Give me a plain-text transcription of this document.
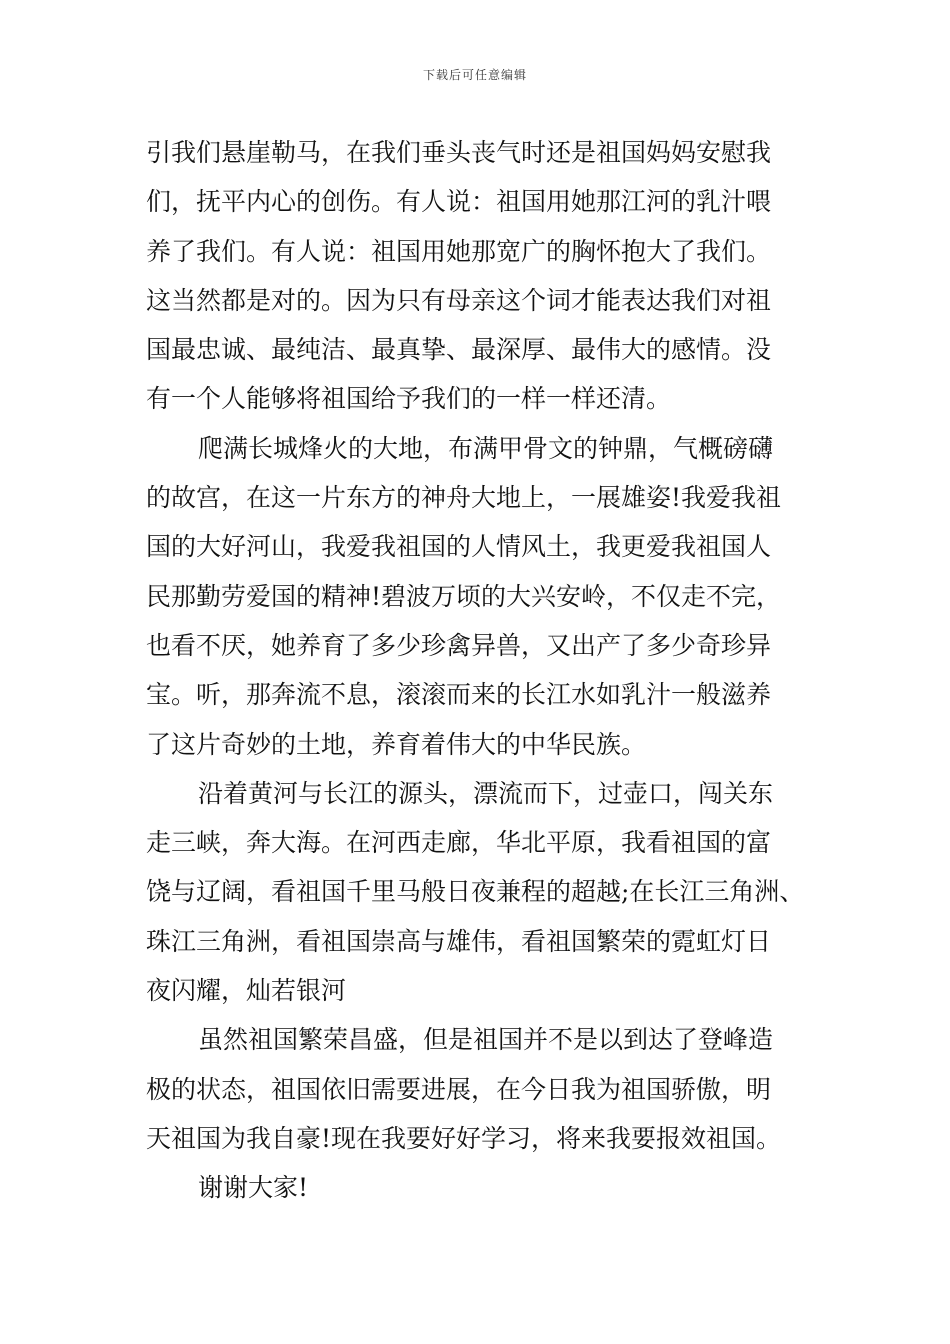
下载后可任意编辑
引我们悬崖勒马，在我们垂头丧气时还是祖国妈妈安慰我
们，抚平内心的创伤。有人说：祖国用她那江河的乳汁喂
养了我们。有人说：祖国用她那宽广的胸怀抱大了我们。
这当然都是对的。因为只有母亲这个词才能表达我们对祖
国最忠诚、最纯洁、最真挚、最深厚、最伟大的感情。没
有一个人能够将祖国给予我们的一样一样还清。
爬满长城烽火的大地，布满甲骨文的钟鼎，气概磅礴
的故宫，在这一片东方的神舟大地上，一展雄姿!我爱我祖
国的大好河山，我爱我祖国的人情风土，我更爱我祖国人
民那勤劳爱国的精神!碧波万顷的大兴安岭，不仅走不完，
也看不厌，她养育了多少珍禽异兽，又出产了多少奇珍异
宝。听，那奔流不息，滚滚而来的长江水如乳汁一般滋养
了这片奇妙的土地，养育着伟大的中华民族。
沿着黄河与长江的源头，漂流而下，过壶口，闯关东
走三峡，奔大海。在河西走廊，华北平原，我看祖国的富
饶与辽阔，看祖国千里马般日夜兼程的超越;在长江三角洲、
珠江三角洲，看祖国崇高与雄伟，看祖国繁荣的霓虹灯日
夜闪耀，灿若银河
虽然祖国繁荣昌盛，但是祖国并不是以到达了登峰造
极的状态，祖国依旧需要进展，在今日我为祖国骄傲，明
天祖国为我自豪!现在我要好好学习，将来我要报效祖国。
谢谢大家!
